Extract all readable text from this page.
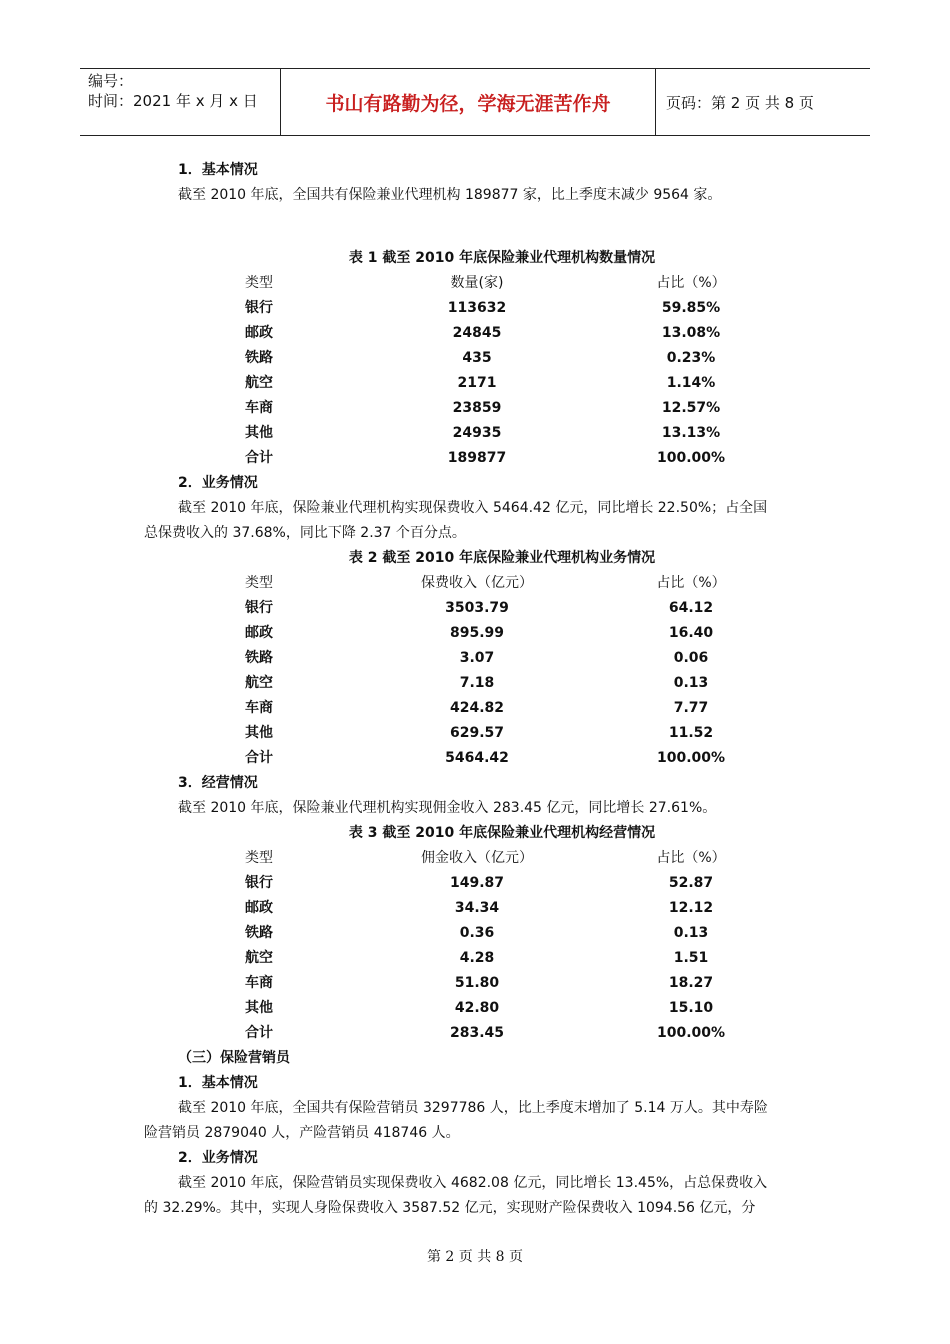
编号：
时间：2021 年 x 月 x 日	书山有路勤为径，学海无涯苦作舟	页码：第 2 页 共 8 页
1．基本情况
截至 2010 年底，全国共有保险兼业代理机构 189877 家，比上季度末减少 9564 家。
表 1 截至 2010 年底保险兼业代理机构数量情况
类型	数量(家)	占比（%）
银行	113632	59.85%
邮政	24845	13.08%
铁路	435	0.23%
航空	2171	1.14%
车商	23859	12.57%
其他	24935	13.13%
合计	189877	100.00%
2．业务情况
截至 2010 年底，保险兼业代理机构实现保费收入 5464.42 亿元，同比增长 22.50%；占全国
总保费收入的 37.68%，同比下降 2.37 个百分点。
表 2 截至 2010 年底保险兼业代理机构业务情况
类型	保费收入（亿元）	占比（%）
银行	3503.79	64.12
邮政	895.99	16.40
铁路	3.07	0.06
航空	7.18	0.13
车商	424.82	7.77
其他	629.57	11.52
合计	5464.42	100.00%
3．经营情况
截至 2010 年底，保险兼业代理机构实现佣金收入 283.45 亿元，同比增长 27.61%。
表 3 截至 2010 年底保险兼业代理机构经营情况
类型	佣金收入（亿元）	占比（%）
银行	149.87	52.87
邮政	34.34	12.12
铁路	0.36	0.13
航空	4.28	1.51
车商	51.80	18.27
其他	42.80	15.10
合计	283.45	100.00%
（三）保险营销员
1．基本情况
截至 2010 年底，全国共有保险营销员 3297786 人，比上季度末增加了 5.14 万人。其中寿险
险营销员 2879040 人，产险营销员 418746 人。
2．业务情况
截至 2010 年底，保险营销员实现保费收入 4682.08 亿元，同比增长 13.45%，占总保费收入
的 32.29%。其中，实现人身险保费收入 3587.52 亿元，实现财产险保费收入 1094.56 亿元，分
第 2 页 共 8 页
